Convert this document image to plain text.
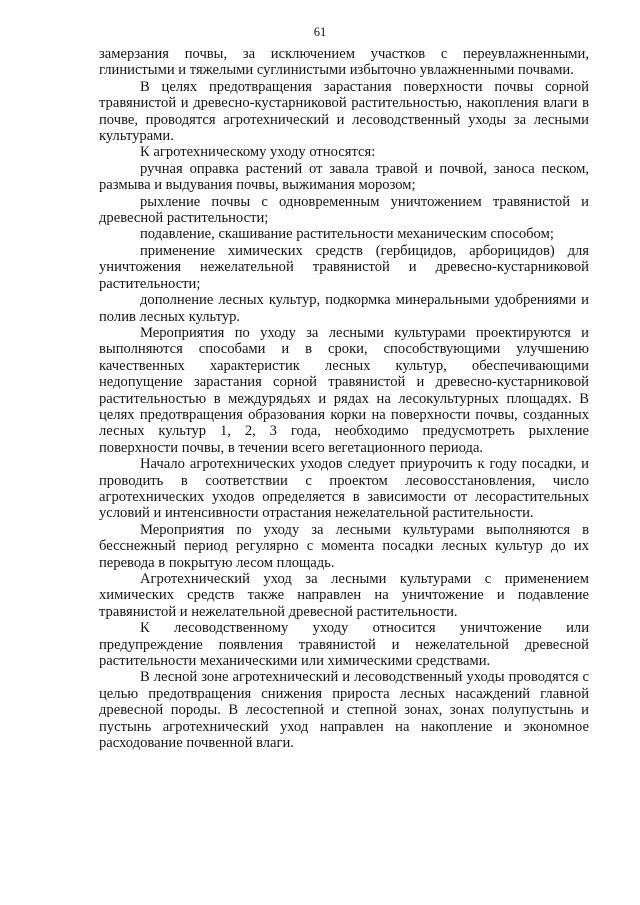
61

замерзания почвы, за исключением участков с переувлажненными, глинистыми и тяжелыми суглинистыми избыточно увлажненными почвами.

В целях предотвращения зарастания поверхности почвы сорной травянистой и древесно-кустарниковой растительностью, накопления влаги в почве, проводятся агротехнический и лесоводственный уходы за лесными культурами.

К агротехническому уходу относятся:

ручная оправка растений от завала травой и почвой, заноса песком, размыва и выдувания почвы, выжимания морозом;

рыхление почвы с одновременным уничтожением травянистой и древесной растительности;

подавление, скашивание растительности механическим способом;

применение химических средств (гербицидов, арборицидов) для уничтожения нежелательной травянистой и древесно-кустарниковой растительности;

дополнение лесных культур, подкормка минеральными удобрениями и полив лесных культур.

Мероприятия по уходу за лесными культурами проектируются и выполняются способами и в сроки, способствующими улучшению качественных характеристик лесных культур, обеспечивающими недопущение зарастания сорной травянистой и древесно-кустарниковой растительностью в междурядьях и рядах на лесокультурных площадях. В целях предотвращения образования корки на поверхности почвы, созданных лесных культур 1, 2, 3 года, необходимо предусмотреть рыхление поверхности почвы, в течении всего вегетационного периода.

Начало агротехнических уходов следует приурочить к году посадки, и проводить в соответствии с проектом лесовосстановления, число агротехнических уходов определяется в зависимости от лесорастительных условий и интенсивности отрастания нежелательной растительности.

Мероприятия по уходу за лесными культурами выполняются в бесснежный период регулярно с момента посадки лесных культур до их перевода в покрытую лесом площадь.

Агротехнический уход за лесными культурами с применением химических средств также направлен на уничтожение и подавление травянистой и нежелательной древесной растительности.

К лесоводственному уходу относится уничтожение или предупреждение появления травянистой и нежелательной древесной растительности механическими или химическими средствами.

В лесной зоне агротехнический и лесоводственный уходы проводятся с целью предотвращения снижения прироста лесных насаждений главной древесной породы. В лесостепной и степной зонах, зонах полупустынь и пустынь агротехнический уход направлен на накопление и экономное расходование почвенной влаги.
